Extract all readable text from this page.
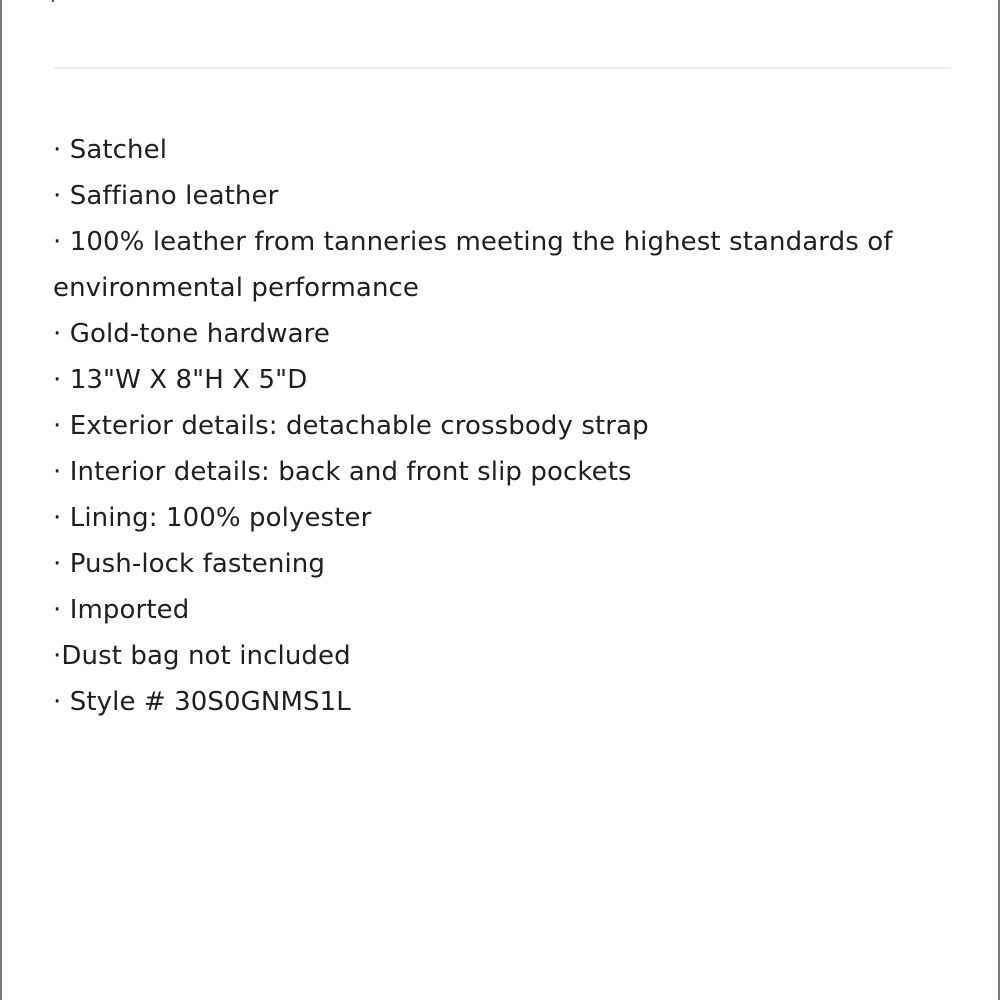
· Satchel
· Saffiano leather
· 100% leather from tanneries meeting the highest standards of environmental performance
· Gold-tone hardware
· 13"W X 8"H X 5"D
· Exterior details: detachable crossbody strap
· Interior details: back and front slip pockets
· Lining: 100% polyester
· Push-lock fastening
· Imported
·Dust bag not included
· Style # 30S0GNMS1L
